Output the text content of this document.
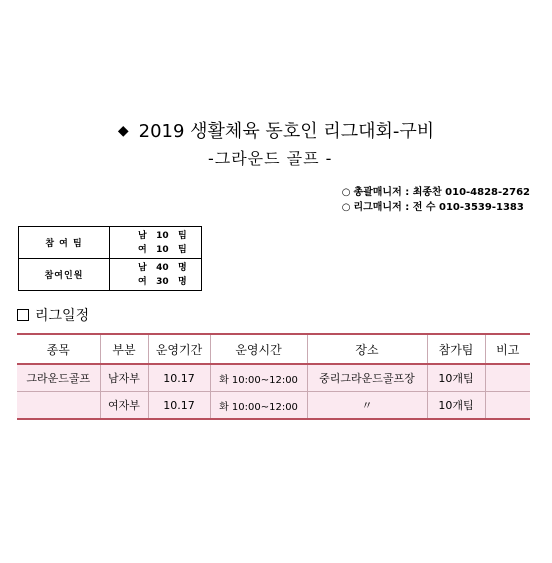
◆ 2019 생활체육 동호인 리그대회-구비
-그라운드 골프 -
○ 총괄매니저 : 최종찬 010-4828-2762
○ 리그매니저 : 전 수 010-3539-1383
참 여 팀	남   10   팀
여   10   팀

참여인원	남   40   명
여   30   명
리그일정
종목	부분	운영기간	운영시간	장소	참가팀	비고
그라운드골프	남자부	10.17	화 10:00~12:00	중리그라운드골프장	10개팀	
	여자부	10.17	화 10:00~12:00	〃	10개팀	
